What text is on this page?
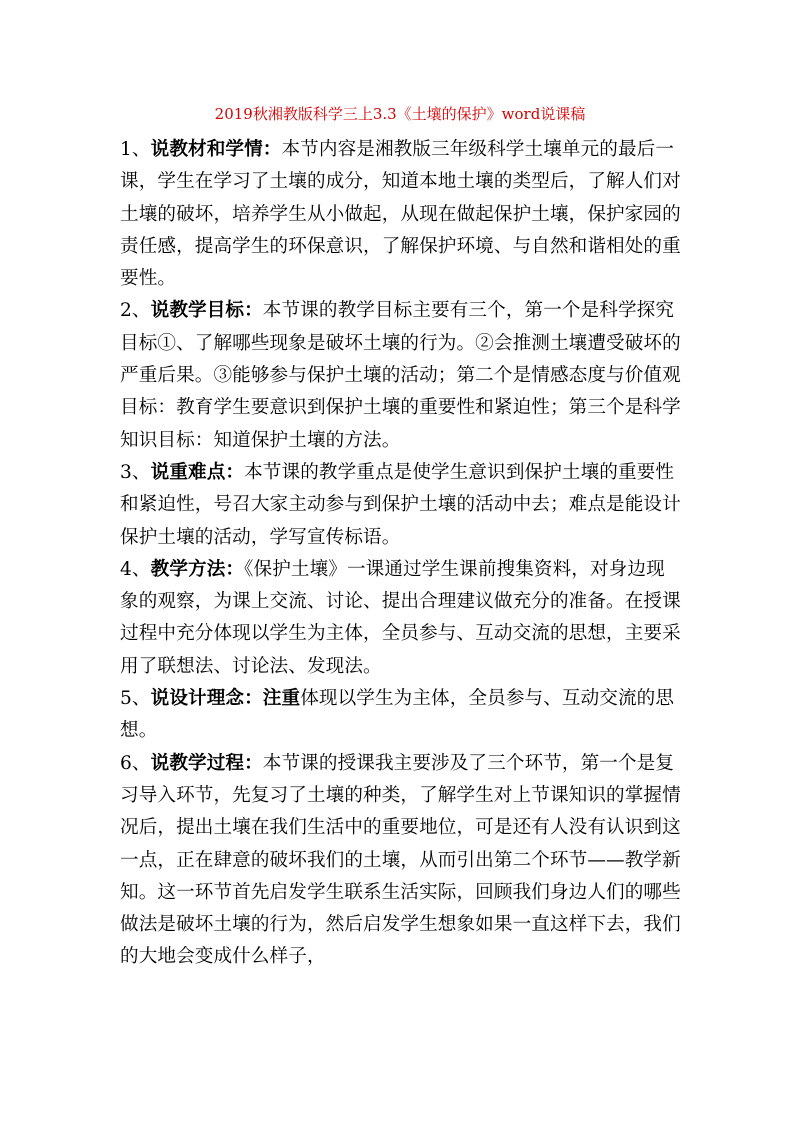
2019秋湘教版科学三上3.3《土壤的保护》word说课稿

1、说教材和学情：本节内容是湘教版三年级科学土壤单元的最后一课，学生在学习了土壤的成分，知道本地土壤的类型后，了解人们对土壤的破坏，培养学生从小做起，从现在做起保护土壤，保护家园的责任感，提高学生的环保意识，了解保护环境、与自然和谐相处的重要性。

2、说教学目标：本节课的教学目标主要有三个，第一个是科学探究目标①、了解哪些现象是破坏土壤的行为。②会推测土壤遭受破坏的严重后果。③能够参与保护土壤的活动；第二个是情感态度与价值观目标：教育学生要意识到保护土壤的重要性和紧迫性；第三个是科学知识目标：知道保护土壤的方法。

3、说重难点：本节课的教学重点是使学生意识到保护土壤的重要性和紧迫性，号召大家主动参与到保护土壤的活动中去；难点是能设计保护土壤的活动，学写宣传标语。

4、教学方法：《保护土壤》一课通过学生课前搜集资料，对身边现象的观察，为课上交流、讨论、提出合理建议做充分的准备。在授课过程中充分体现以学生为主体，全员参与、互动交流的思想，主要采用了联想法、讨论法、发现法。

5、说设计理念：注重体现以学生为主体，全员参与、互动交流的思想。

6、说教学过程：本节课的授课我主要涉及了三个环节，第一个是复习导入环节，先复习了土壤的种类，了解学生对上节课知识的掌握情况后，提出土壤在我们生活中的重要地位，可是还有人没有认识到这一点，正在肆意的破坏我们的土壤，从而引出第二个环节——教学新知。这一环节首先启发学生联系生活实际，回顾我们身边人们的哪些做法是破坏土壤的行为，然后启发学生想象如果一直这样下去，我们的大地会变成什么样子，
